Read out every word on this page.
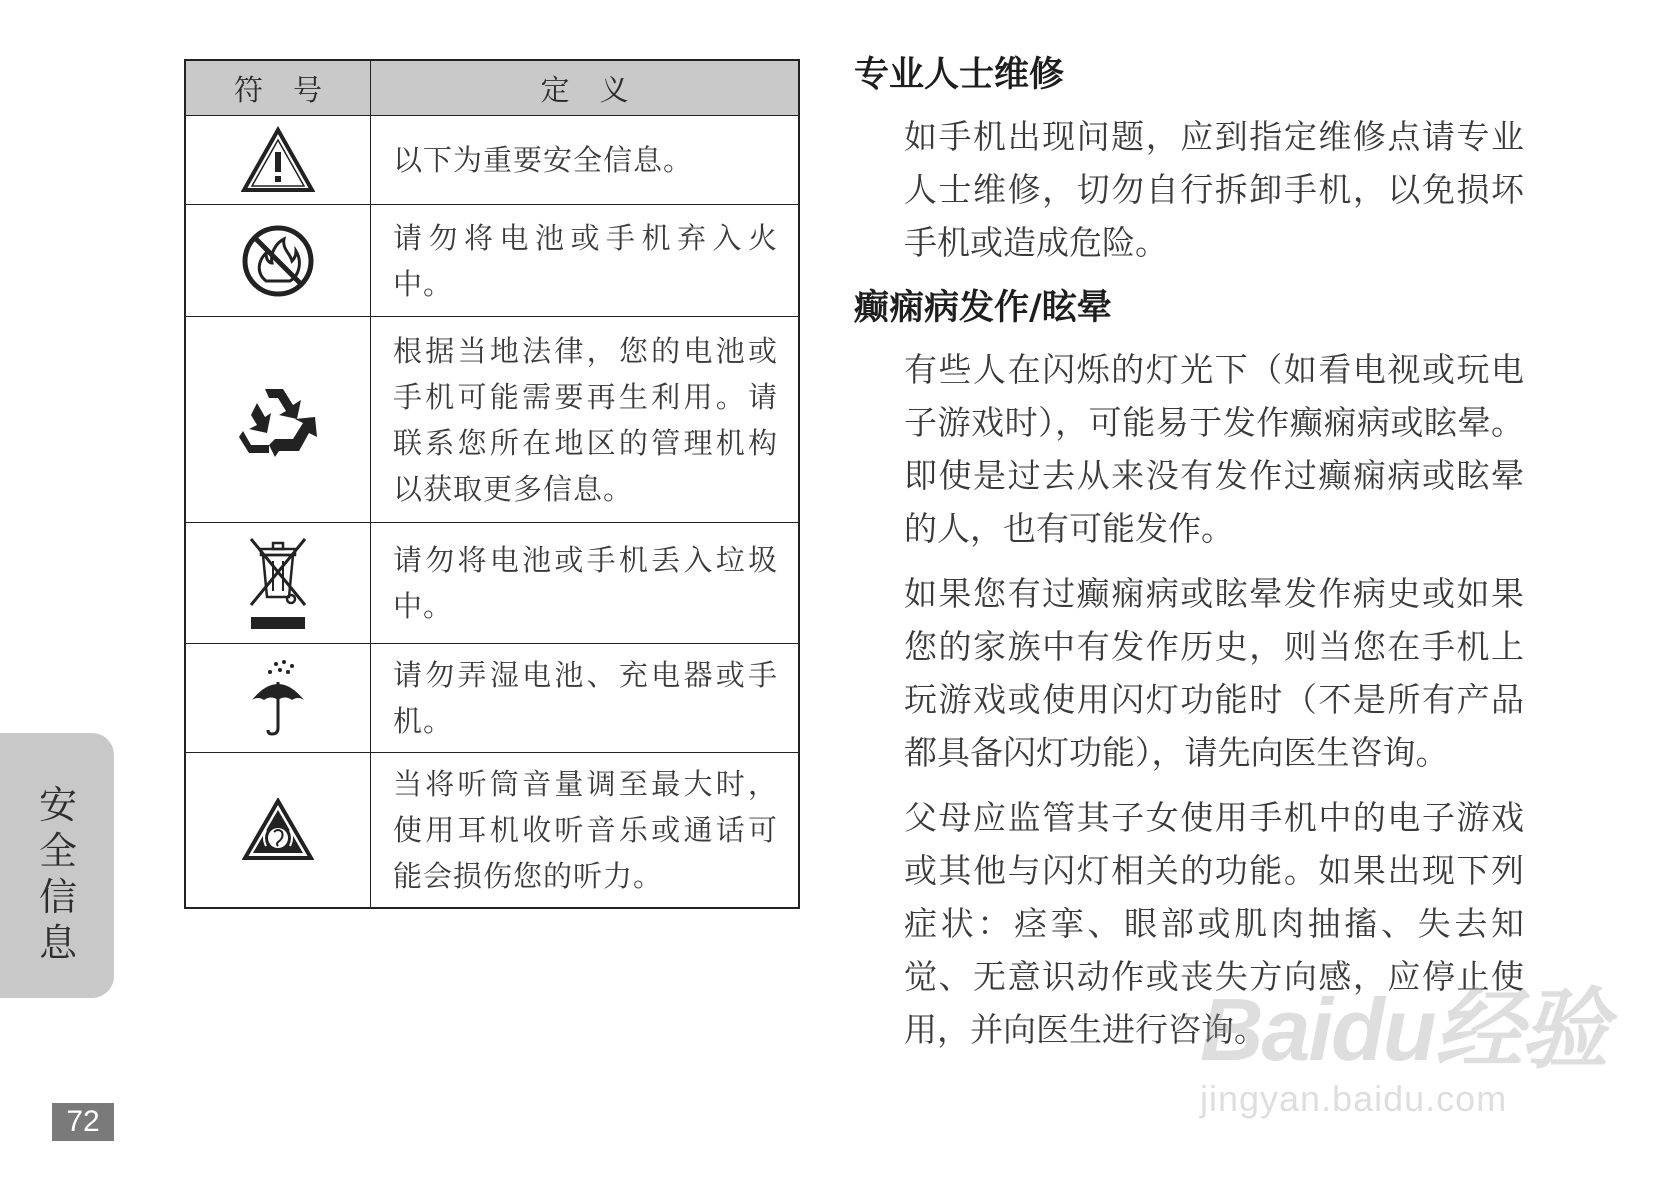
符号	定义

	以下为重要安全信息。

	请勿将电池或手机弃入火中。

	根据当地法律，您的电池或手机可能需要再生利用。请联系您所在地区的管理机构以获取更多信息。

	请勿将电池或手机丢入垃圾中。

	请勿弄湿电池、充电器或手机。

	当将听筒音量调至最大时，使用耳机收听音乐或通话可能会损伤您的听力。
专业人士维修

如手机出现问题，应到指定维修点请专业人士维修，切勿自行拆卸手机，以免损坏手机或造成危险。

癫痫病发作/眩晕

有些人在闪烁的灯光下（如看电视或玩电子游戏时），可能易于发作癫痫病或眩晕。即使是过去从来没有发作过癫痫病或眩晕的人，也有可能发作。

如果您有过癫痫病或眩晕发作病史或如果您的家族中有发作历史，则当您在手机上玩游戏或使用闪灯功能时（不是所有产品都具备闪灯功能），请先向医生咨询。

父母应监管其子女使用手机中的电子游戏或其他与闪灯相关的功能。如果出现下列症状：痉挛、眼部或肌肉抽搐、失去知觉、无意识动作或丧失方向感，应停止使用，并向医生进行咨询。

安全信息
72
Baidu经验
jingyan.baidu.com
